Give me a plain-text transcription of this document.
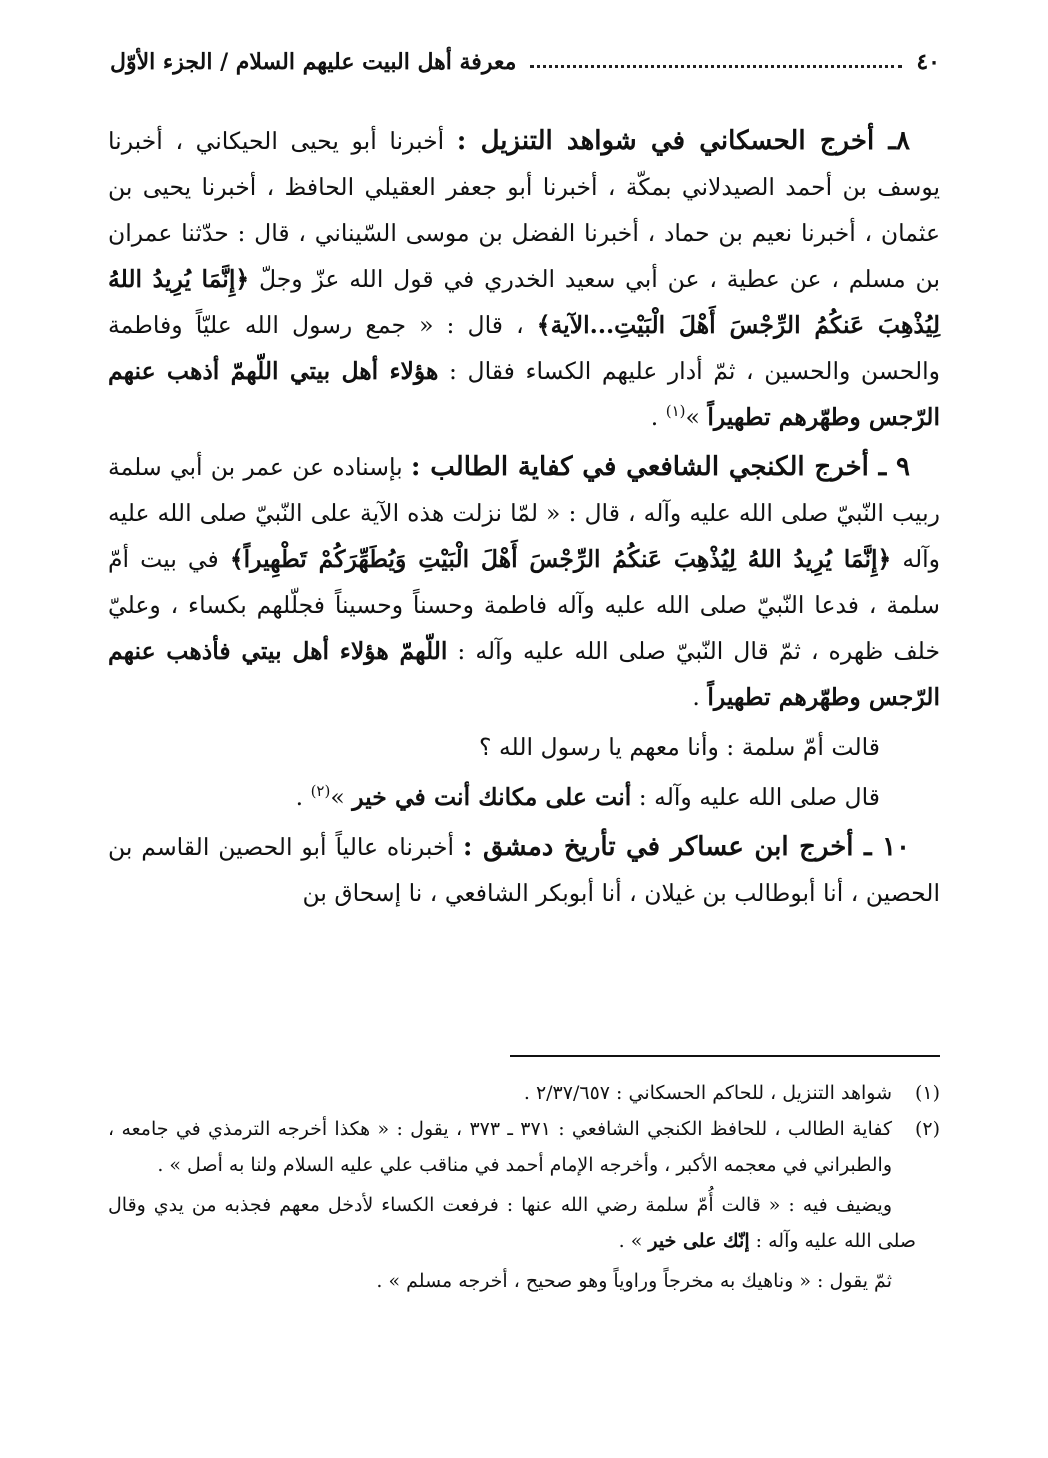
٤٠
معرفة أهل البيت عليهم السلام / الجزء الأوّل

٨ـ أخرج الحسكاني في شواهد التنزيل : أخبرنا أبو يحيى الحيكاني ، أخبرنا يوسف بن أحمد الصيدلاني بمكّة ، أخبرنا أبو جعفر العقيلي الحافظ ، أخبرنا يحيى بن عثمان ، أخبرنا نعيم بن حماد ، أخبرنا الفضل بن موسى السّيناني ، قال : حدّثنا عمران بن مسلم ، عن عطية ، عن أبي سعيد الخدري في قول الله عزّ وجلّ ﴿إِنَّمَا يُرِيدُ اللهُ لِيُذْهِبَ عَنكُمُ الرِّجْسَ أَهْلَ الْبَيْتِ...الآية﴾ ، قال : « جمع رسول الله عليّاً وفاطمة والحسن والحسين ، ثمّ أدار عليهم الكساء فقال : هؤلاء أهل بيتي اللّهمّ أذهب عنهم الرّجس وطهّرهم تطهيراً »$^{(١)}$ .

٩ ـ أخرج الكنجي الشافعي في كفاية الطالب : بإسناده عن عمر بن أبي سلمة ربيب النّبيّ صلى الله عليه وآله ، قال : « لمّا نزلت هذه الآية على النّبيّ صلى الله عليه وآله ﴿إِنَّمَا يُرِيدُ اللهُ لِيُذْهِبَ عَنكُمُ الرِّجْسَ أَهْلَ الْبَيْتِ وَيُطَهِّرَكُمْ تَطْهِيراً﴾ في بيت أمّ سلمة ، فدعا النّبيّ صلى الله عليه وآله فاطمة وحسناً وحسيناً فجلّلهم بكساء ، وعليّ خلف ظهره ، ثمّ قال النّبيّ صلى الله عليه وآله : اللّهمّ هؤلاء أهل بيتي فأذهب عنهم الرّجس وطهّرهم تطهيراً .

قالت أمّ سلمة : وأنا معهم يا رسول الله ؟

قال صلى الله عليه وآله : أنت على مكانك أنت في خير »$^{(٢)}$ .

١٠ ـ أخرج ابن عساكر في تأريخ دمشق : أخبرناه عالياً أبو الحصين القاسم بن الحصين ، أنا أبوطالب بن غيلان ، أنا أبوبكر الشافعي ، نا إسحاق بن

(١)
شواهد التنزيل ، للحاكم الحسكاني : ٢/٣٧/٦٥٧ .
(٢)
كفاية الطالب ، للحافظ الكنجي الشافعي : ٣٧١ ـ ٣٧٣ ، يقول : « هكذا أخرجه الترمذي في جامعه ، والطبراني في معجمه الأكبر ، وأخرجه الإمام أحمد في مناقب علي عليه السلام ولنا به أصل » .

ويضيف فيه : « قالت أُمّ سلمة رضي الله عنها : فرفعت الكساء لأدخل معهم فجذبه من يدي وقال صلى الله عليه وآله : إنّك على خير » .

ثمّ يقول : « وناهيك به مخرجاً وراوياً وهو صحيح ، أخرجه مسلم » .
